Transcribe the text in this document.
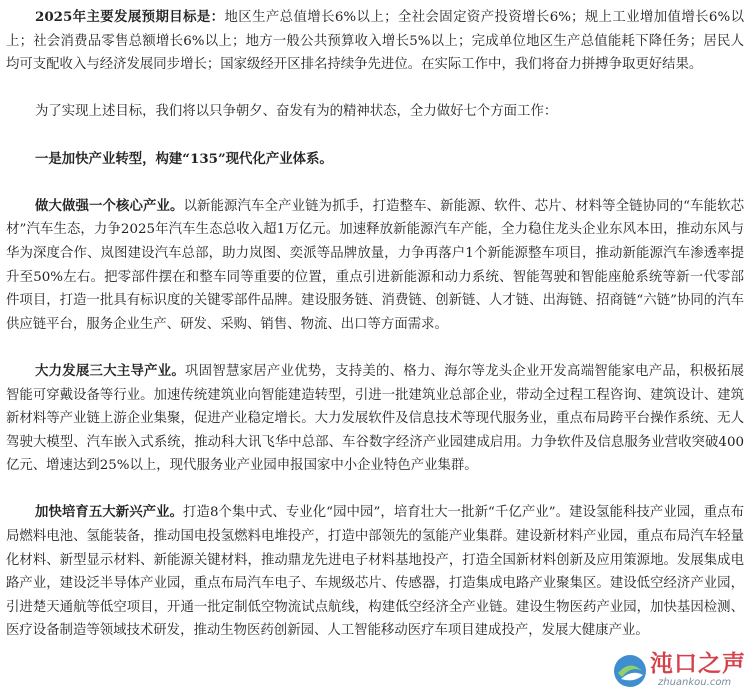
2025年主要发展预期目标是：地区生产总值增长6%以上；全社会固定资产投资增长6%；规上工业增加值增长6%以上；社会消费品零售总额增长6%以上；地方一般公共预算收入增长5%以上；完成单位地区生产总值能耗下降任务；居民人均可支配收入与经济发展同步增长；国家级经开区排名持续争先进位。在实际工作中，我们将奋力拼搏争取更好结果。

为了实现上述目标，我们将以只争朝夕、奋发有为的精神状态，全力做好七个方面工作：

一是加快产业转型，构建“135”现代化产业体系。

做大做强一个核心产业。以新能源汽车全产业链为抓手，打造整车、新能源、软件、芯片、材料等全链协同的“车能软芯材”汽车生态，力争2025年汽车生态总收入超1万亿元。加速释放新能源汽车产能，全力稳住龙头企业东风本田，推动东风与华为深度合作、岚图建设汽车总部，助力岚图、奕派等品牌放量，力争再落户1个新能源整车项目，推动新能源汽车渗透率提升至50%左右。把零部件摆在和整车同等重要的位置，重点引进新能源和动力系统、智能驾驶和智能座舱系统等新一代零部件项目，打造一批具有标识度的关键零部件品牌。建设服务链、消费链、创新链、人才链、出海链、招商链“六链”协同的汽车供应链平台，服务企业生产、研发、采购、销售、物流、出口等方面需求。

大力发展三大主导产业。巩固智慧家居产业优势，支持美的、格力、海尔等龙头企业开发高端智能家电产品，积极拓展智能可穿戴设备等行业。加速传统建筑业向智能建造转型，引进一批建筑业总部企业，带动全过程工程咨询、建筑设计、建筑新材料等产业链上游企业集聚，促进产业稳定增长。大力发展软件及信息技术等现代服务业，重点布局跨平台操作系统、无人驾驶大模型、汽车嵌入式系统，推动科大讯飞华中总部、车谷数字经济产业园建成启用。力争软件及信息服务业营收突破400亿元、增速达到25%以上，现代服务业产业园申报国家中小企业特色产业集群。

加快培育五大新兴产业。打造8个集中式、专业化“园中园”，培育壮大一批新“千亿产业”。建设氢能科技产业园，重点布局燃料电池、氢能装备，推动国电投氢燃料电堆投产，打造中部领先的氢能产业集群。建设新材料产业园，重点布局汽车轻量化材料、新型显示材料、新能源关键材料，推动鼎龙先进电子材料基地投产，打造全国新材料创新及应用策源地。发展集成电路产业，建设泛半导体产业园，重点布局汽车电子、车规级芯片、传感器，打造集成电路产业聚集区。建设低空经济产业园，引进楚天通航等低空项目，开通一批定制低空物流试点航线，构建低空经济全产业链。建设生物医药产业园，加快基因检测、医疗设备制造等领域技术研发，推动生物医药创新园、人工智能移动医疗车项目建成投产，发展大健康产业。

沌口之声
zhuankou.com
